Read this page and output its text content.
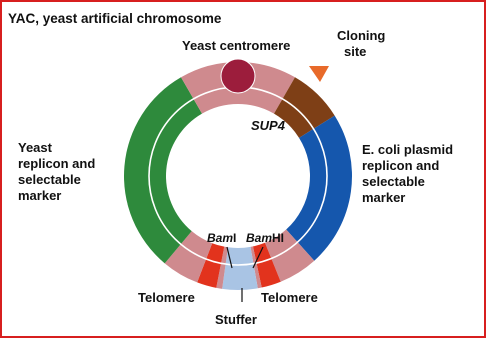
YAC, yeast artificial chromosome
Yeast centromere
Cloning
site
SUP4
E. coli plasmid
replicon and
selectable
marker
Yeast
replicon and
selectable
marker
BamI BamHI
Telomere	Telomere
Stuffer
